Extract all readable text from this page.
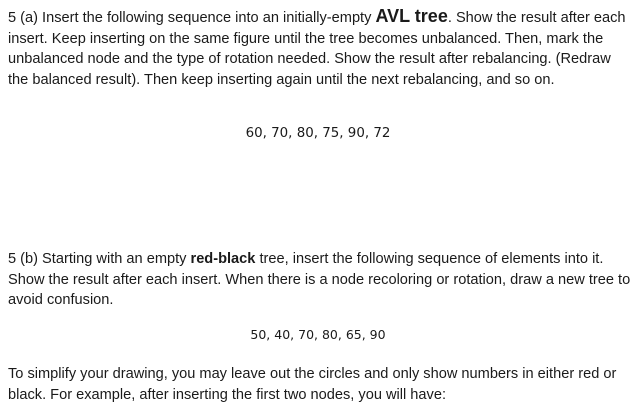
5 (a) Insert the following sequence into an initially-empty AVL tree. Show the result after each insert. Keep inserting on the same figure until the tree becomes unbalanced. Then, mark the unbalanced node and the type of rotation needed. Show the result after rebalancing. (Redraw the balanced result). Then keep inserting again until the next rebalancing, and so on.

60, 70, 80, 75, 90, 72

5 (b) Starting with an empty red-black tree, insert the following sequence of elements into it. Show the result after each insert. When there is a node recoloring or rotation, draw a new tree to avoid confusion.

50, 40, 70, 80, 65, 90

To simplify your drawing, you may leave out the circles and only show numbers in either red or black. For example, after inserting the first two nodes, you will have:
